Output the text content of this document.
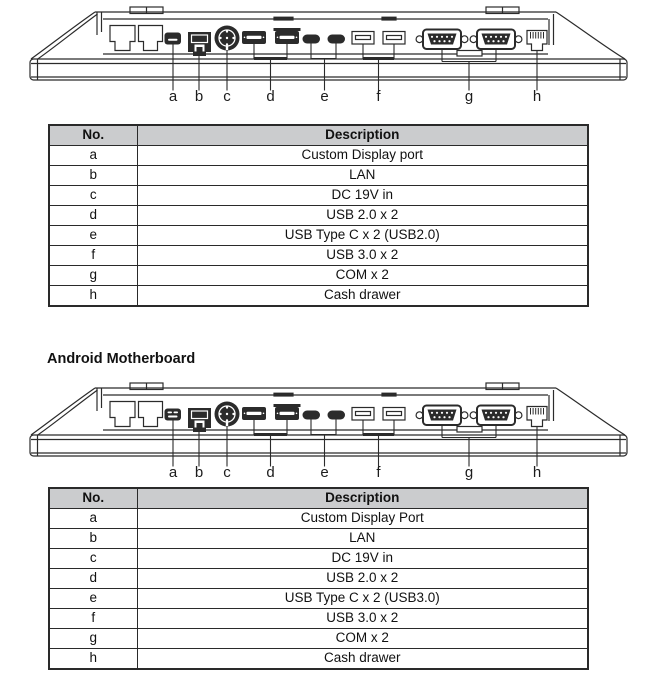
a b c d	e	f	g	h
No.	Description
a	Custom Display port
b	LAN
c	DC 19V in
d	USB 2.0 x 2
e	USB Type C x 2 (USB2.0)
f	USB 3.0 x 2
g	COM x 2
h	Cash drawer
Android Motherboard
a b c d	e	f	g	h
No.	Description
a	Custom Display Port
b	LAN
c	DC 19V in
d	USB 2.0 x 2
e	USB Type C x 2 (USB3.0)
f	USB 3.0 x 2
g	COM x 2
h	Cash drawer
